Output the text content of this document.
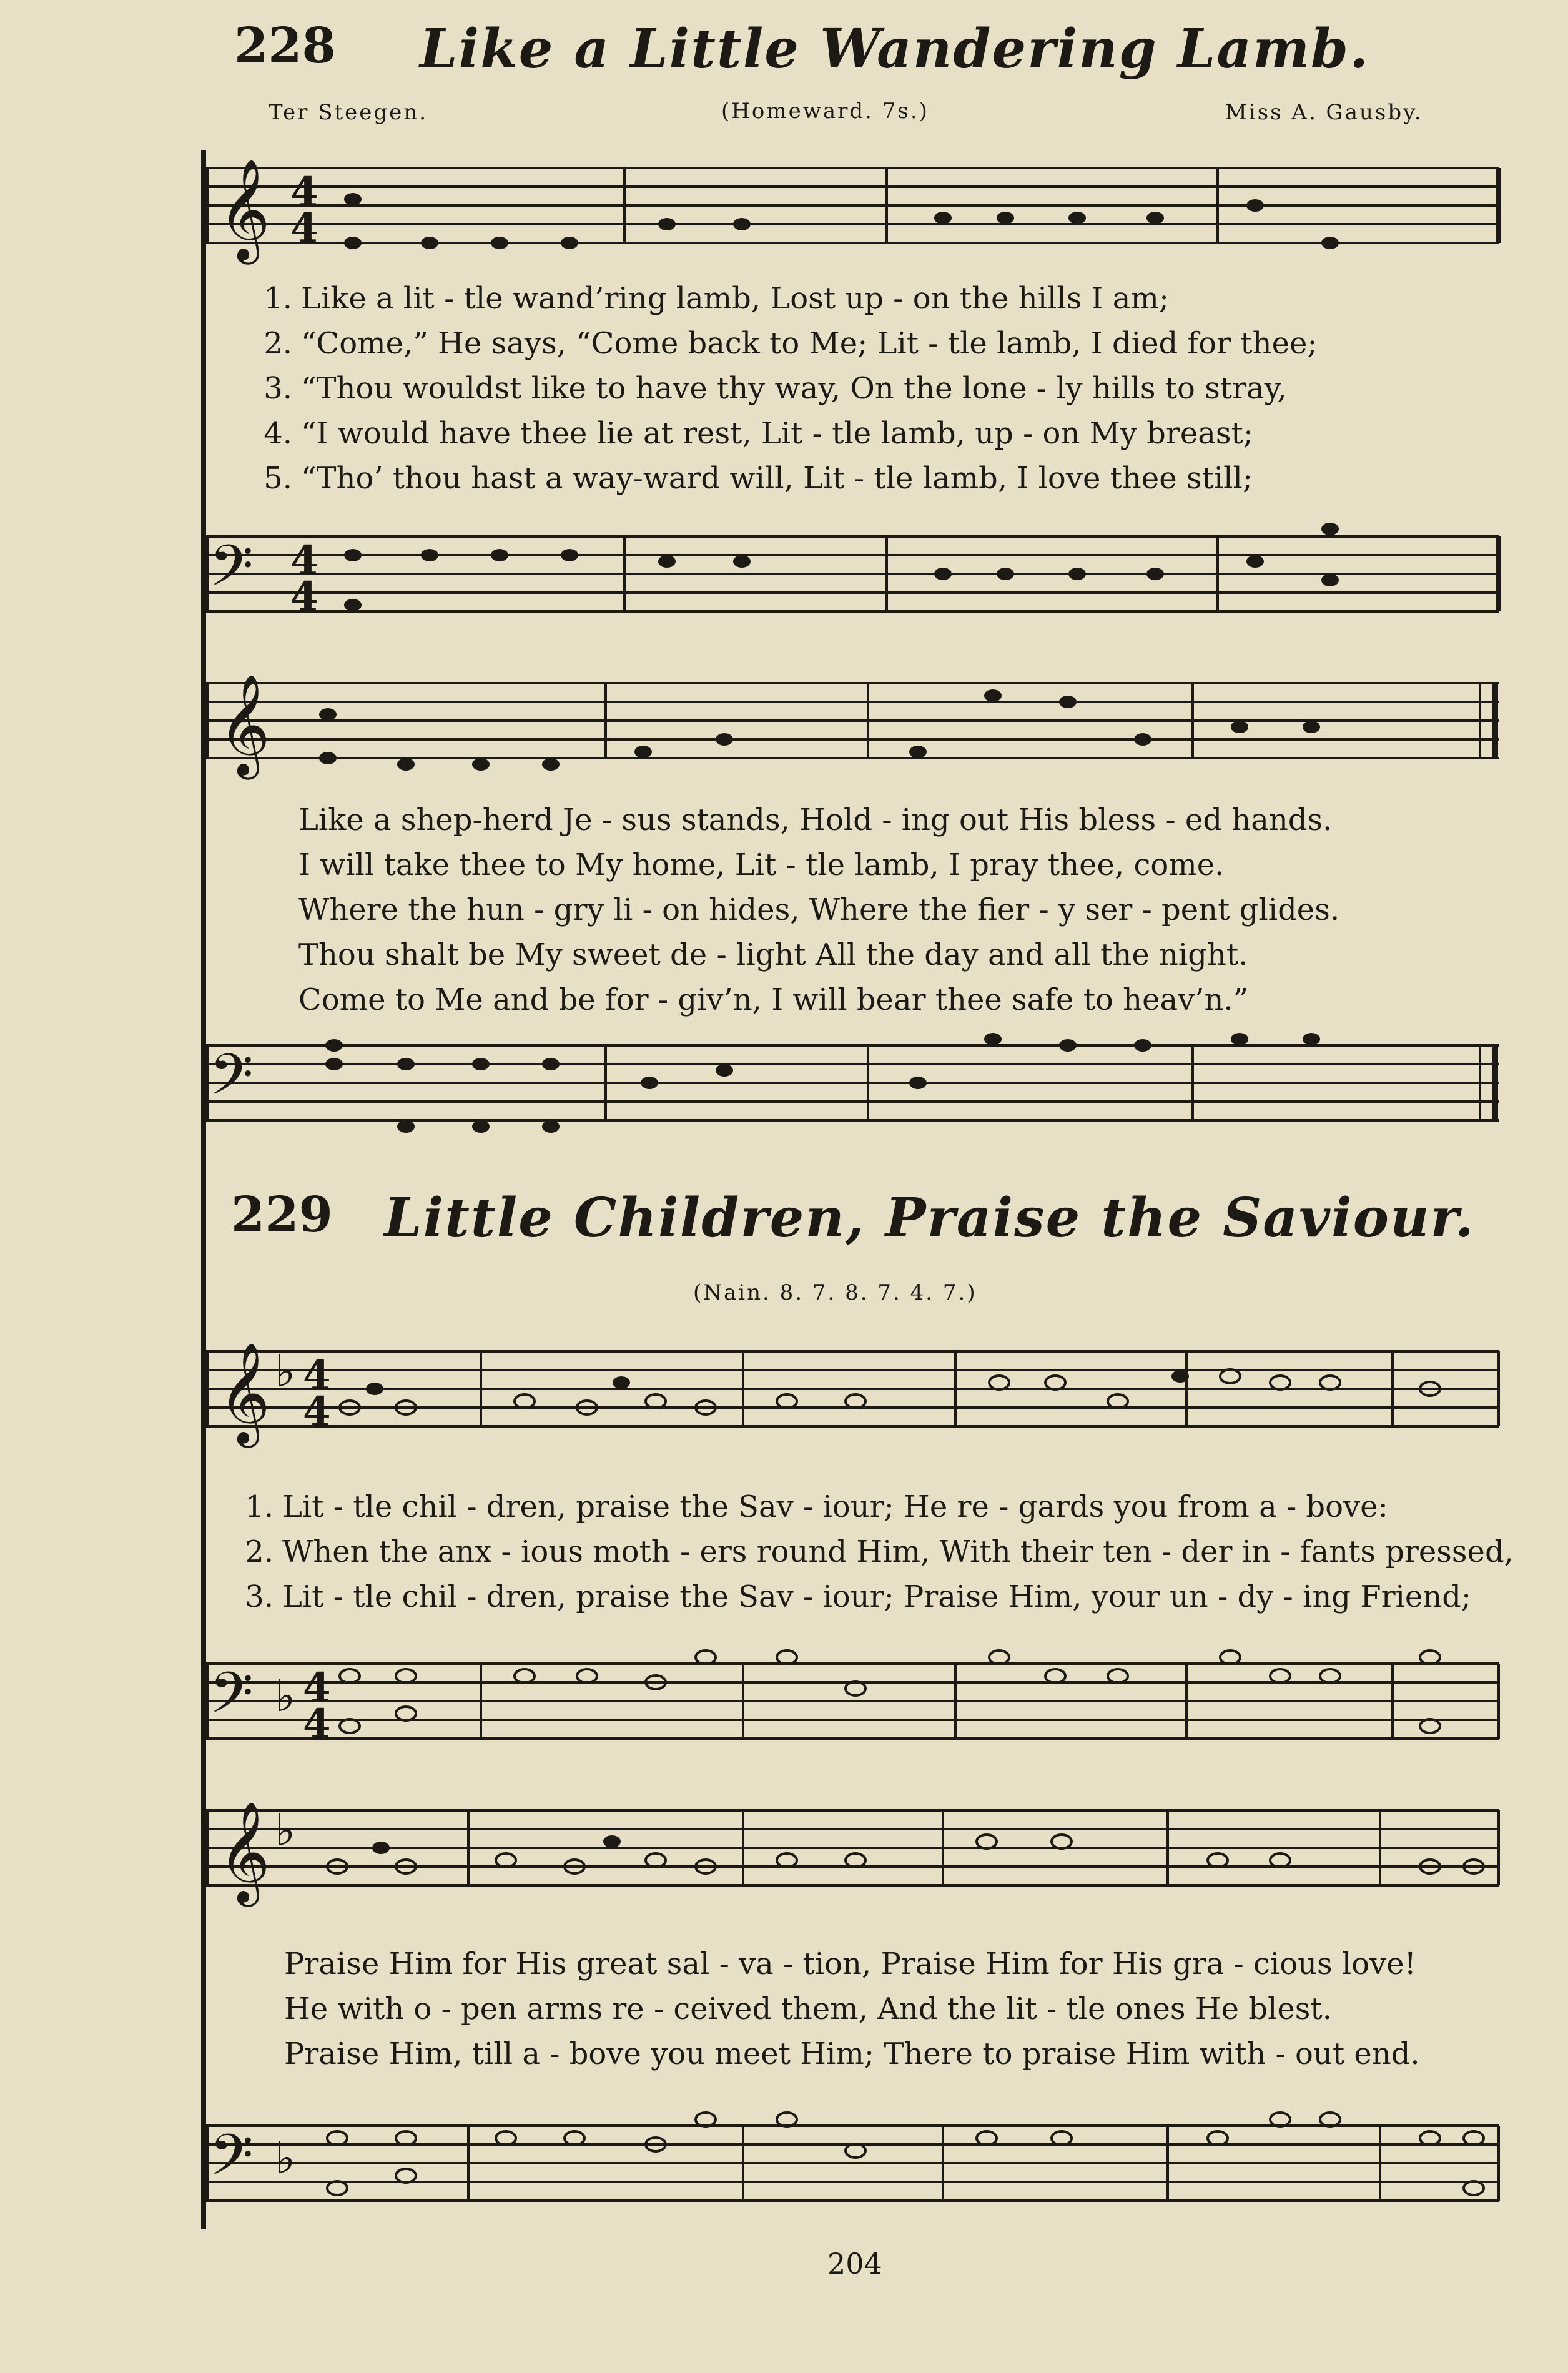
228 Like a Little Wandering Lamb.
Ter Steegen.	(Homeward. 7s.)	Miss A. Gausby.
𝄞 4
4
1. Like a lit - tle wand’ring lamb, Lost up - on the hills I am;
2. “Come,” He says, “Come back to Me; Lit - tle lamb, I died for thee;
3. “Thou wouldst like to have thy way, On the lone - ly hills to stray,
4. “I would have thee lie at rest, Lit - tle lamb, up - on My breast;
5. “Tho’ thou hast a way-ward will, Lit - tle lamb, I love thee still;
𝄢 4
4
𝄞
Like a shep-herd Je - sus stands, Hold - ing out His bless - ed hands.
I will take thee to My home, Lit - tle lamb, I pray thee, come.
Where the hun - gry li - on hides, Where the fier - y ser - pent glides.
Thou shalt be My sweet de - light All the day and all the night.
Come to Me and be for - giv’n, I will bear thee safe to heav’n.”
𝄢
229 Little Children, Praise the Saviour.
(Nain. 8. 7. 8. 7. 4. 7.)
𝄞 ♭ 4
4
1. Lit - tle chil - dren, praise the Sav - iour; He re - gards you from a - bove:
2. When the anx - ious moth - ers round Him, With their ten - der in - fants pressed,
3. Lit - tle chil - dren, praise the Sav - iour; Praise Him, your un - dy - ing Friend;
𝄢 ♭ 4
4
𝄞 ♭
Praise Him for His great sal - va - tion, Praise Him for His gra - cious love!
He with o - pen arms re - ceived them, And the lit - tle ones He blest.
Praise Him, till a - bove you meet Him; There to praise Him with - out end.
𝄢 ♭
204
